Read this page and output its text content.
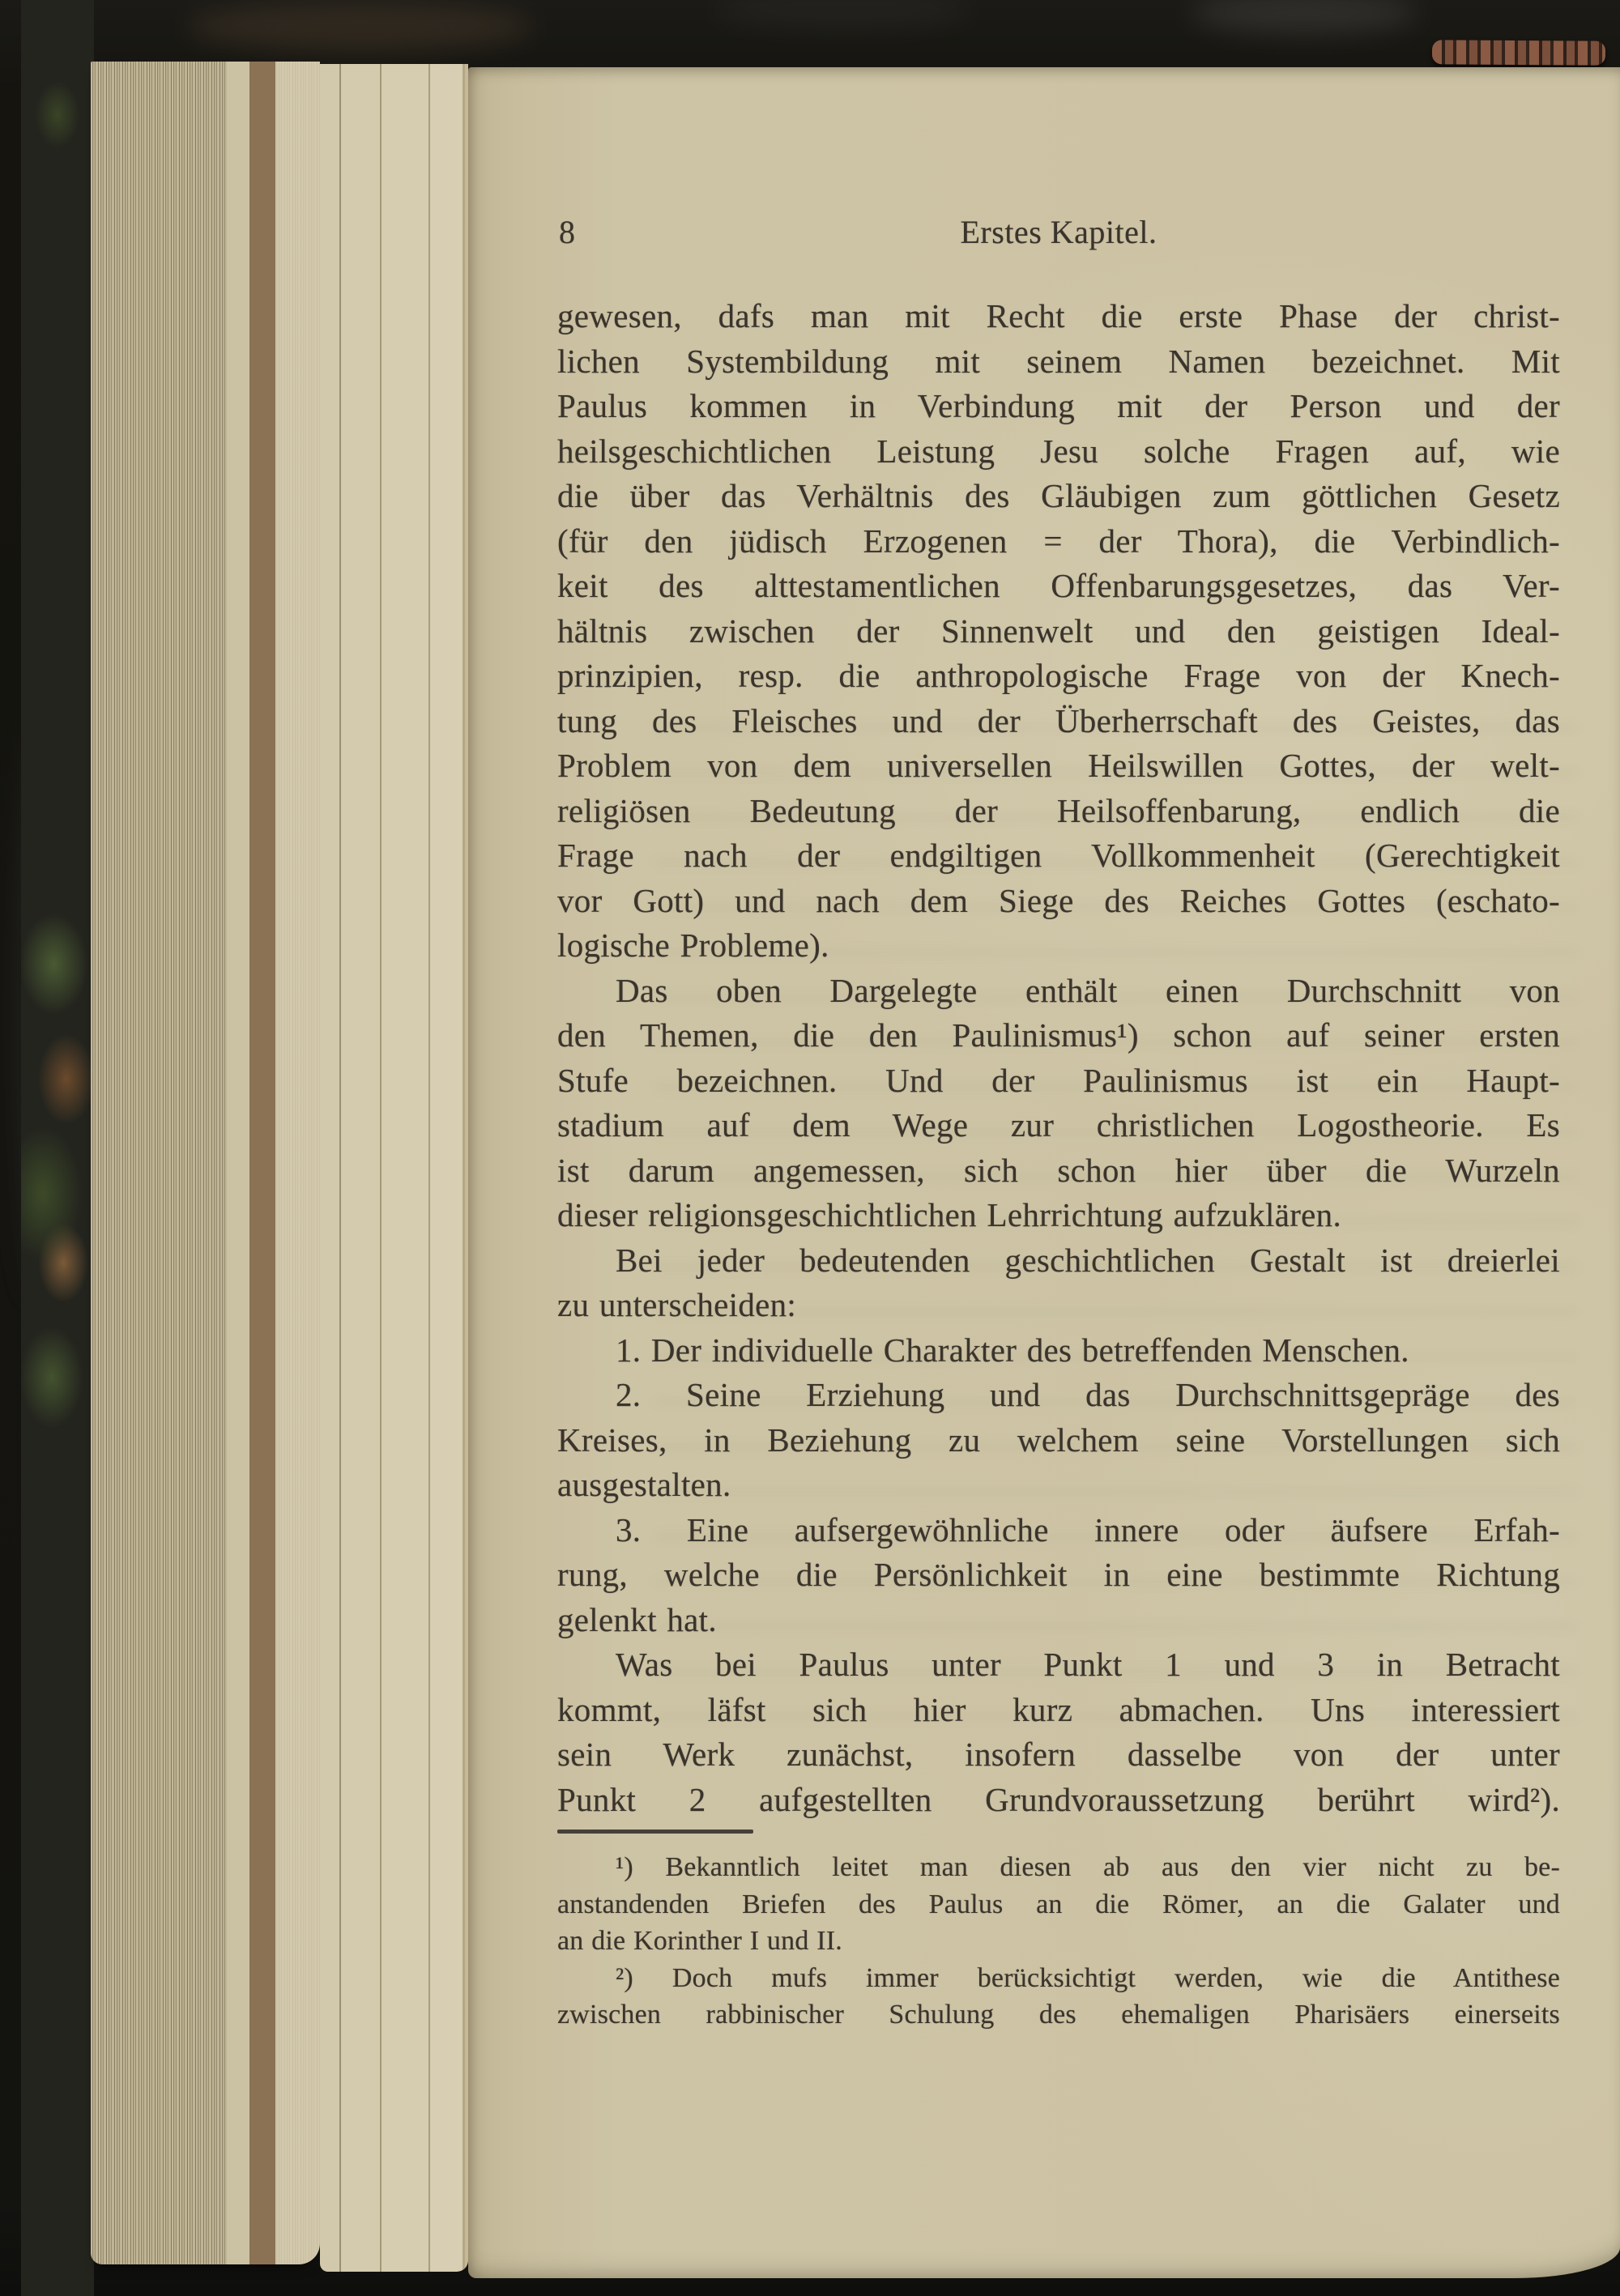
8	Erstes Kapitel.
gewesen, dafs man mit Recht die erste Phase der christ-
lichen Systembildung mit seinem Namen bezeichnet. Mit
Paulus kommen in Verbindung mit der Person und der
heilsgeschichtlichen Leistung Jesu solche Fragen auf, wie
die über das Verhältnis des Gläubigen zum göttlichen Gesetz
(für den jüdisch Erzogenen = der Thora), die Verbindlich-
keit des alttestamentlichen Offenbarungsgesetzes, das Ver-
hältnis zwischen der Sinnenwelt und den geistigen Ideal-
prinzipien, resp. die anthropologische Frage von der Knech-
tung des Fleisches und der Überherrschaft des Geistes, das
Problem von dem universellen Heilswillen Gottes, der welt-
religiösen Bedeutung der Heilsoffenbarung, endlich die
Frage nach der endgiltigen Vollkommenheit (Gerechtigkeit
vor Gott) und nach dem Siege des Reiches Gottes (eschato-
logische Probleme).
Das oben Dargelegte enthält einen Durchschnitt von
den Themen, die den Paulinismus¹) schon auf seiner ersten
Stufe bezeichnen. Und der Paulinismus ist ein Haupt-
stadium auf dem Wege zur christlichen Logostheorie. Es
ist darum angemessen, sich schon hier über die Wurzeln
dieser religionsgeschichtlichen Lehrrichtung aufzuklären.
Bei jeder bedeutenden geschichtlichen Gestalt ist dreierlei
zu unterscheiden:
1. Der individuelle Charakter des betreffenden Menschen.
2. Seine Erziehung und das Durchschnittsgepräge des
Kreises, in Beziehung zu welchem seine Vorstellungen sich
ausgestalten.
3. Eine aufsergewöhnliche innere oder äufsere Erfah-
rung, welche die Persönlichkeit in eine bestimmte Richtung
gelenkt hat.
Was bei Paulus unter Punkt 1 und 3 in Betracht
kommt, läfst sich hier kurz abmachen. Uns interessiert
sein Werk zunächst, insofern dasselbe von der unter
Punkt 2 aufgestellten Grundvoraussetzung berührt wird²).
¹) Bekanntlich leitet man diesen ab aus den vier nicht zu be-
anstandenden Briefen des Paulus an die Römer, an die Galater und
an die Korinther I und II.
²) Doch mufs immer berücksichtigt werden, wie die Antithese
zwischen rabbinischer Schulung des ehemaligen Pharisäers einerseits
